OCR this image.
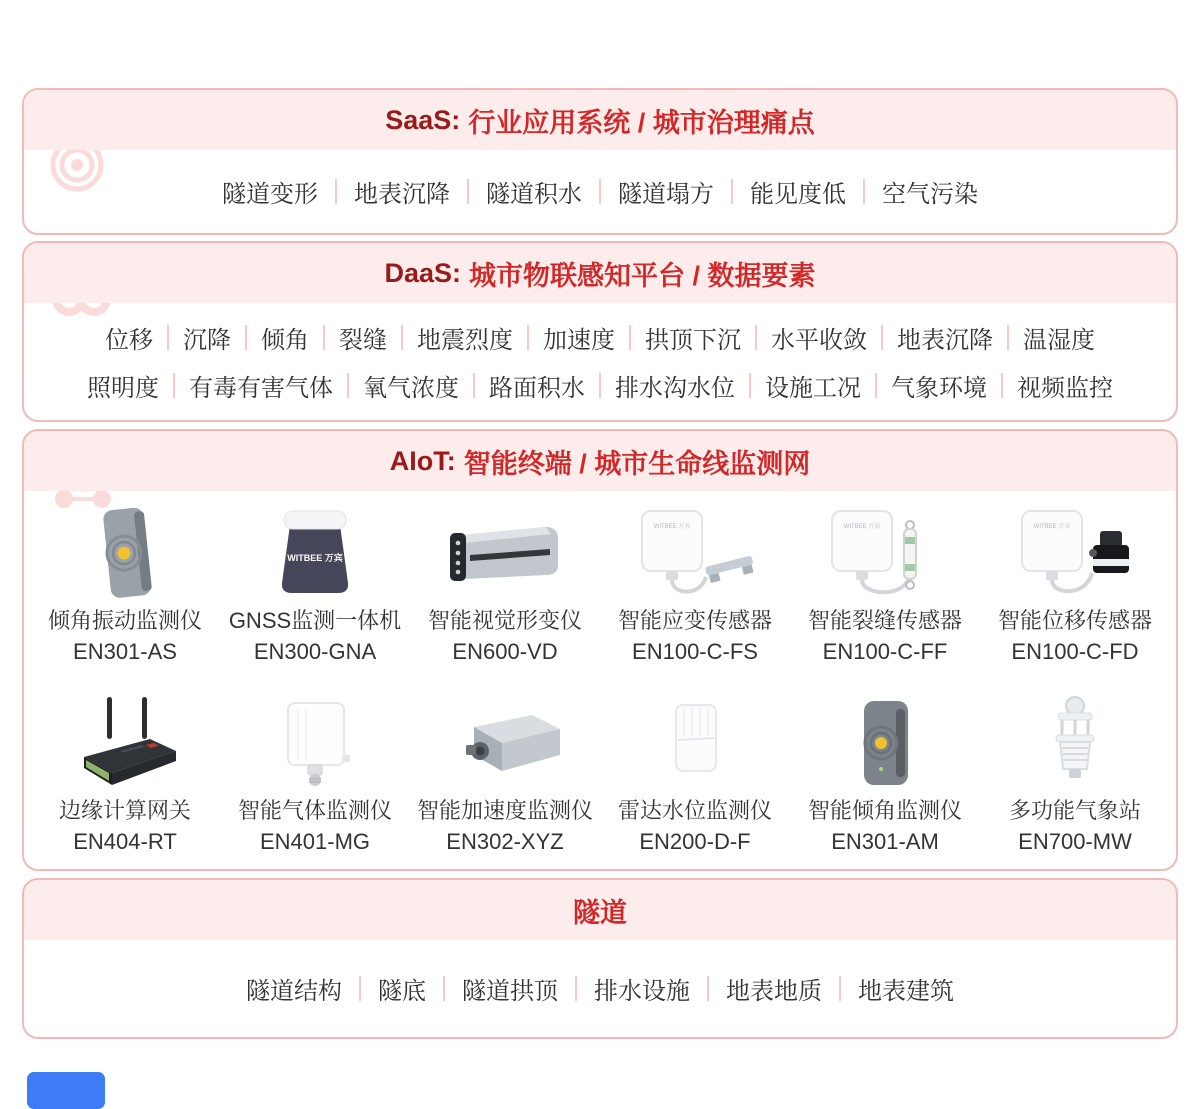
SaaS: 行业应用系统 / 城市治理痛点
隧道变形 地表沉降 隧道积水 隧道塌方 能见度低 空气污染
DaaS: 城市物联感知平台 / 数据要素
位移 沉降 倾角 裂缝 地震烈度 加速度 拱顶下沉 水平收敛 地表沉降 温湿度
照明度 有毒有害气体 氧气浓度 路面积水 排水沟水位 设施工况 气象环境 视频监控
AIoT: 智能终端 / 城市生命线监测网
倾角振动监测仪
EN301-AS
WITBEE 万宾
GNSS监测一体机
EN300-GNA
智能视觉形变仪
EN600-VD
WITBEE 万宾
智能应变传感器
EN100-C-FS
WITBEE 万宾
智能裂缝传感器
EN100-C-FF
WITBEE 万宾
智能位移传感器
EN100-C-FD
边缘计算网关
EN404-RT
智能气体监测仪
EN401-MG
智能加速度监测仪
EN302-XYZ
雷达水位监测仪
EN200-D-F
智能倾角监测仪
EN301-AM
多功能气象站
EN700-MW
隧道
隧道结构 隧底 隧道拱顶 排水设施 地表地质 地表建筑
